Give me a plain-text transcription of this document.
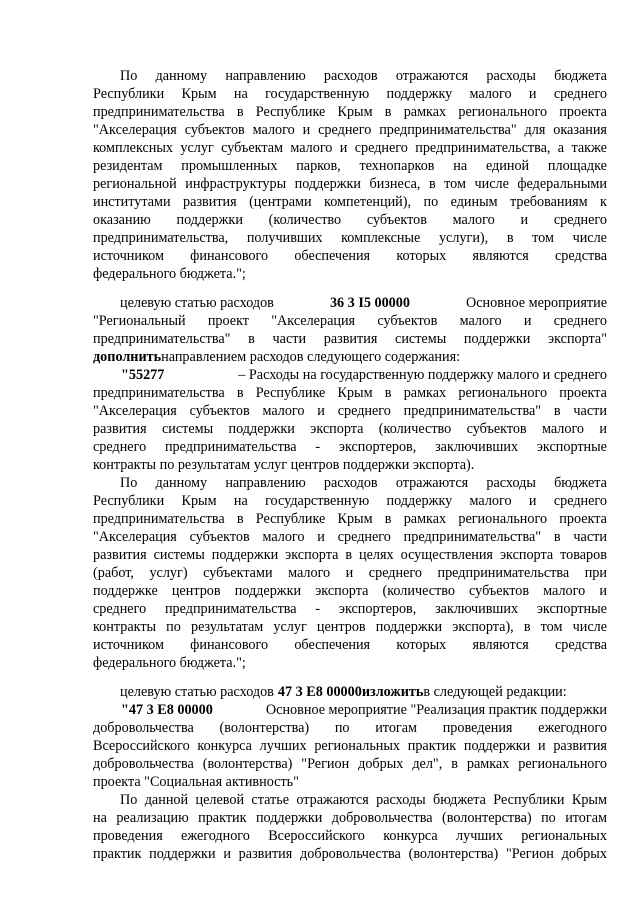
По данному направлению расходов отражаются расходы бюджета
Республики Крым на государственную поддержку малого и среднего
предпринимательства в Республике Крым в рамках регионального проекта
"Акселерация субъектов малого и среднего предпринимательства" для оказания
комплексных услуг субъектам малого и среднего предпринимательства, а также
резидентам промышленных парков, технопарков на единой площадке
региональной инфраструктуры поддержки бизнеса, в том числе федеральными
институтами развития (центрами компетенций), по единым требованиям к
оказанию поддержки (количество субъектов малого и среднего
предпринимательства, получивших комплексные услуги), в том числе
источником финансового обеспечения которых являются средства
федерального бюджета.";
целевую статью расходов	36 3 I5 00000	Основное мероприятие
"Региональный проект "Акселерация субъектов малого и среднего
предпринимательства" в части развития системы поддержки экспорта"
дополнить направлением расходов следующего содержания:
"55277	– Расходы на государственную поддержку малого и среднего
предпринимательства в Республике Крым в рамках регионального проекта
"Акселерация субъектов малого и среднего предпринимательства" в части
развития системы поддержки экспорта (количество субъектов малого и
среднего предпринимательства - экспортеров, заключивших экспортные
контракты по результатам услуг центров поддержки экспорта).
По данному направлению расходов отражаются расходы бюджета
Республики Крым на государственную поддержку малого и среднего
предпринимательства в Республике Крым в рамках регионального проекта
"Акселерация субъектов малого и среднего предпринимательства" в части
развития системы поддержки экспорта в целях осуществления экспорта товаров
(работ, услуг) субъектами малого и среднего предпринимательства при
поддержке центров поддержки экспорта (количество субъектов малого и
среднего предпринимательства - экспортеров, заключивших экспортные
контракты по результатам услуг центров поддержки экспорта), в том числе
источником финансового обеспечения которых являются средства
федерального бюджета.";
целевую статью расходов 47 3 E8 00000 изложить в следующей редакции:
"47 3 E8 00000	Основное мероприятие "Реализация практик поддержки
добровольчества (волонтерства) по итогам проведения ежегодного
Всероссийского конкурса лучших региональных практик поддержки и развития
добровольчества (волонтерства) "Регион добрых дел", в рамках регионального
проекта "Социальная активность"
По данной целевой статье отражаются расходы бюджета Республики Крым
на реализацию практик поддержки добровольчества (волонтерства) по итогам
проведения ежегодного Всероссийского конкурса лучших региональных
практик поддержки и развития добровольчества (волонтерства) "Регион добрых
